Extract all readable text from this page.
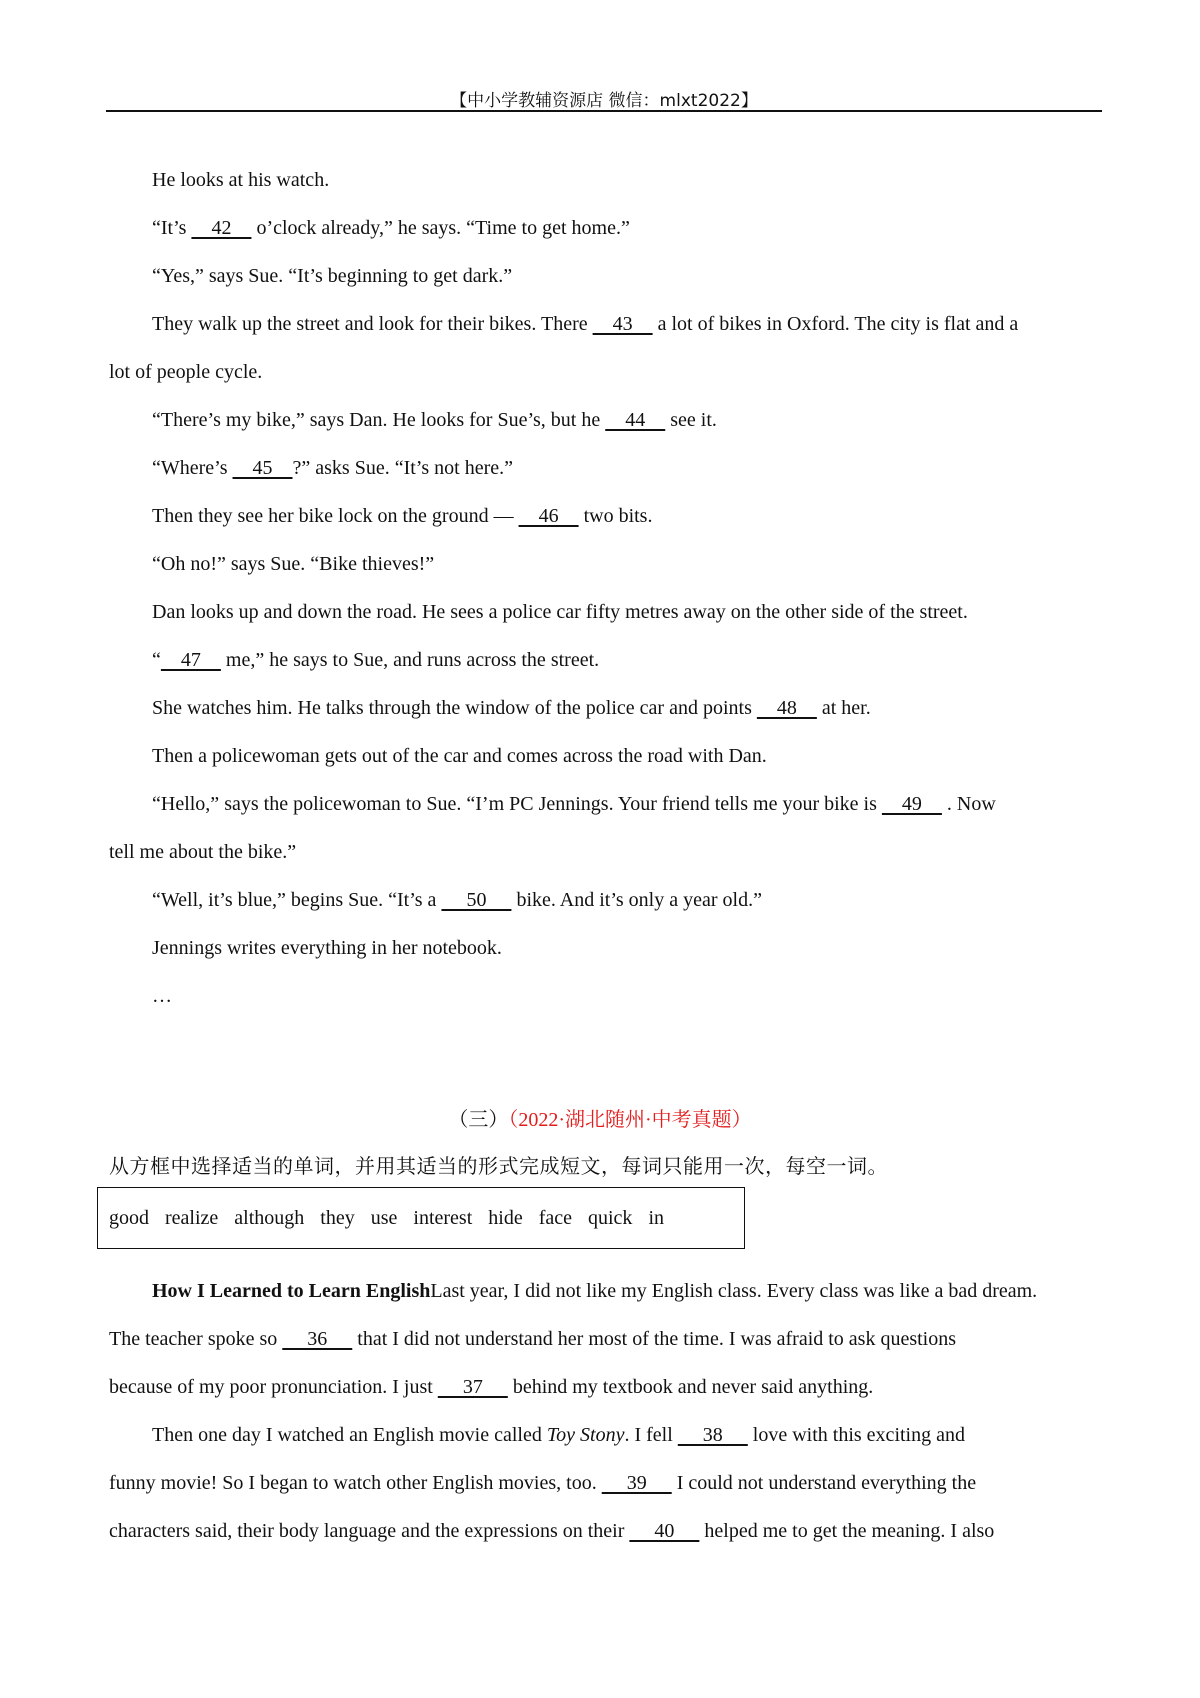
【中小学教辅资源店 微信：mlxt2022】
He looks at his watch.
“It’s     42     o’clock already,” he says. “Time to get home.”
“Yes,” says Sue. “It’s beginning to get dark.”
They walk up the street and look for their bikes. There     43     a lot of bikes in Oxford. The city is flat and a
lot of people cycle.
“There’s my bike,” says Dan. He looks for Sue’s, but he     44     see it.
“Where’s     45    ?” asks Sue. “It’s not here.”
Then they see her bike lock on the ground —     46     two bits.
“Oh no!” says Sue. “Bike thieves!”
Dan looks up and down the road. He sees a police car fifty metres away on the other side of the street.
“    47     me,” he says to Sue, and runs across the street.
She watches him. He talks through the window of the police car and points     48     at her.
Then a policewoman gets out of the car and comes across the road with Dan.
“Hello,” says the policewoman to Sue. “I’m PC Jennings. Your friend tells me your bike is     49     . Now
tell me about the bike.”
“Well, it’s blue,” begins Sue. “It’s a      50      bike. And it’s only a year old.”
Jennings writes everything in her notebook.
…
（三）（2022·湖北随州·中考真题）
从方框中选择适当的单词，并用其适当的形式完成短文，每词只能用一次，每空一词。
good realize although they use interest hide face quick in
How I Learned to Learn EnglishLast year, I did not like my English class. Every class was like a bad dream.
The teacher spoke so      36      that I did not understand her most of the time. I was afraid to ask questions
because of my poor pronunciation. I just      37      behind my textbook and never said anything.
Then one day I watched an English movie called Toy Stony. I fell      38      love with this exciting and
funny movie! So I began to watch other English movies, too.      39      I could not understand everything the
characters said, their body language and the expressions on their      40      helped me to get the meaning. I also
